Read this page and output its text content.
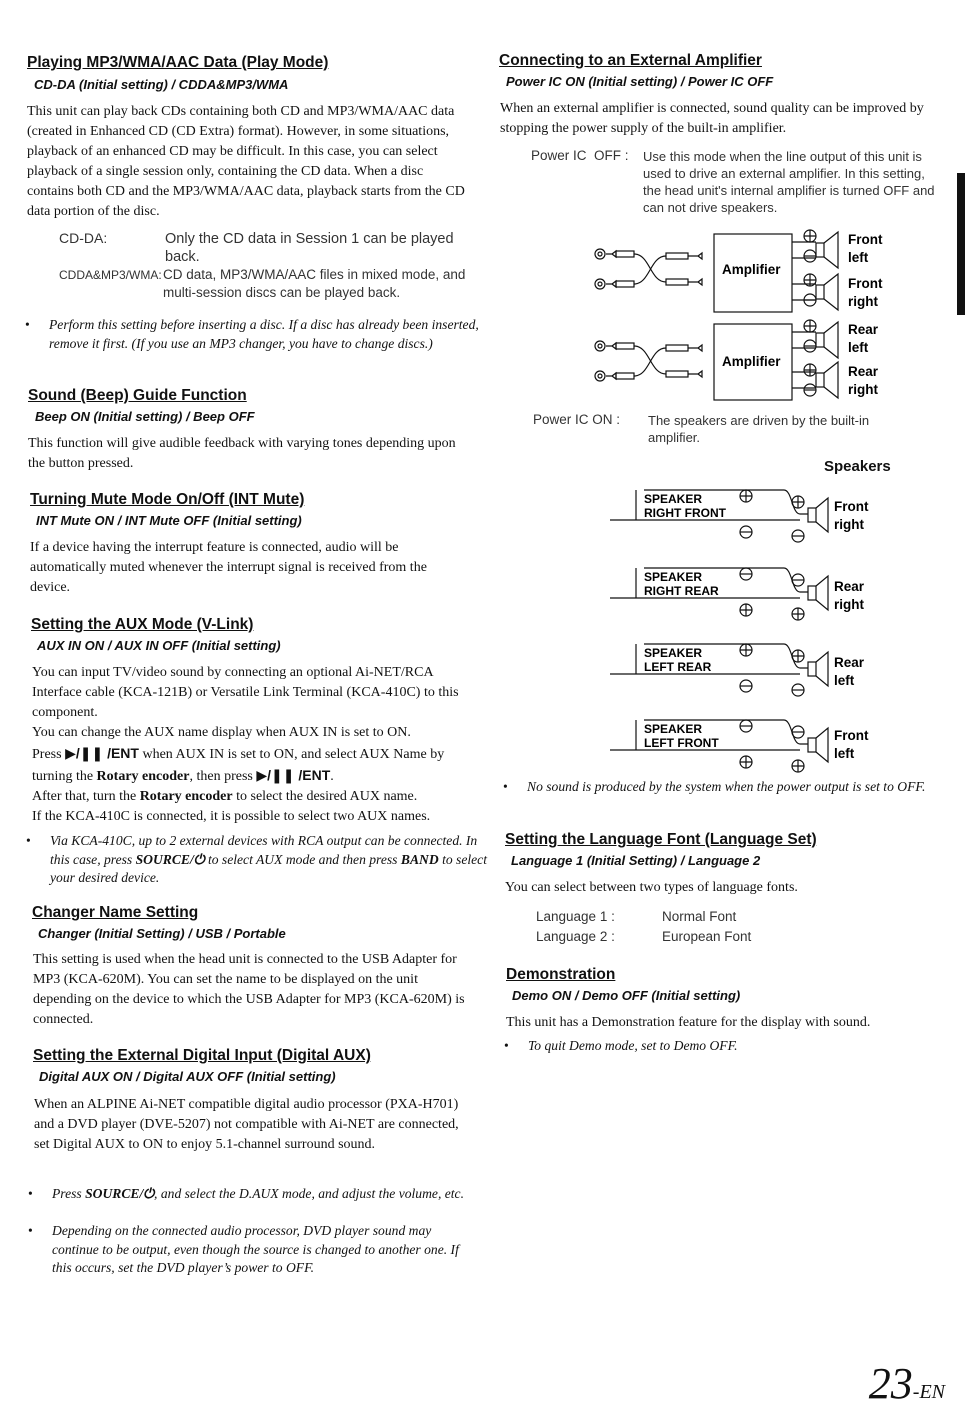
Playing MP3/WMA/AAC Data (Play Mode)
CD-DA (Initial setting) / CDDA&MP3/WMA

This unit can play back CDs containing both CD and MP3/WMA/AAC data (created in Enhanced CD (CD Extra) format). However, in some situations, playback of an enhanced CD may be difficult. In this case, you can select playback of a single session only, containing the CD data. When a disc contains both CD and the MP3/WMA/AAC data, playback starts from the CD data portion of the disc.

CD-DA:	Only the CD data in Session 1 can be played back.
CDDA&MP3/WMA: CD data, MP3/WMA/AAC files in mixed mode, and multi-session discs can be played back.

• Perform this setting before inserting a disc. If a disc has already been inserted, remove it first. (If you use an MP3 changer, you have to change discs.)

Sound (Beep) Guide Function
Beep ON (Initial setting) / Beep OFF

This function will give audible feedback with varying tones depending upon the button pressed.

Turning Mute Mode On/Off (INT Mute)
INT Mute ON / INT Mute OFF (Initial setting)

If a device having the interrupt feature is connected, audio will be automatically muted whenever the interrupt signal is received from the device.

Setting the AUX Mode (V-Link)
AUX IN ON / AUX IN OFF (Initial setting)
You can input TV/video sound by connecting an optional Ai-NET/RCA Interface cable (KCA-121B) or Versatile Link Terminal (KCA-410C) to this component.
You can change the AUX name display when AUX IN is set to ON.
Press ▶/❚❚ /ENT when AUX IN is set to ON, and select AUX Name by turning the Rotary encoder, then press ▶/❚❚ /ENT.
After that, turn the Rotary encoder to select the desired AUX name.
If the KCA-410C is connected, it is possible to select two AUX names.

• Via KCA-410C, up to 2 external devices with RCA output can be connected. In this case, press SOURCE/⏻ to select AUX mode and then press BAND to select your desired device.

Changer Name Setting
Changer (Initial Setting) / USB / Portable

This setting is used when the head unit is connected to the USB Adapter for MP3 (KCA-620M). You can set the name to be displayed on the unit depending on the device to which the USB Adapter for MP3 (KCA-620M) is connected.

Setting the External Digital Input (Digital AUX)
Digital AUX ON / Digital AUX OFF (Initial setting)

When an ALPINE Ai-NET compatible digital audio processor (PXA-H701) and a DVD player (DVE-5207) not compatible with Ai-NET are connected, set Digital AUX to ON to enjoy 5.1-channel surround sound.

• Press SOURCE/⏻, and select the D.AUX mode, and adjust the volume, etc.

• Depending on the connected audio processor, DVD player sound may continue to be output, even though the source is changed to another one. If this occurs, set the DVD player’s power to OFF.

Connecting to an External Amplifier
Power IC ON (Initial setting) / Power IC OFF

When an external amplifier is connected, sound quality can be improved by stopping the power supply of the built-in amplifier.

Power IC  OFF : Use this mode when the line output of this unit is used to drive an external amplifier. In this setting, the head unit's internal amplifier is turned OFF and can not drive speakers.
Amplifier
Amplifier
Front
left
Front
right
Rear
left
Rear
right
Power IC ON : The speakers are driven by the built-in amplifier.
Speakers
SPEAKER
RIGHT FRONT
SPEAKER
RIGHT REAR
SPEAKER
LEFT REAR
SPEAKER
LEFT FRONT
Front
right
Rear
right
Rear
left
Front
left

• No sound is produced by the system when the power output is set to OFF.

Setting the Language Font (Language Set)
Language 1 (Initial Setting) / Language 2

You can select between two types of language fonts.

Language 1 :	Normal Font
Language 2 :	European Font
Demonstration
Demo ON / Demo OFF (Initial setting)

This unit has a Demonstration feature for the display with sound.

• To quit Demo mode, set to Demo OFF.

23-EN
